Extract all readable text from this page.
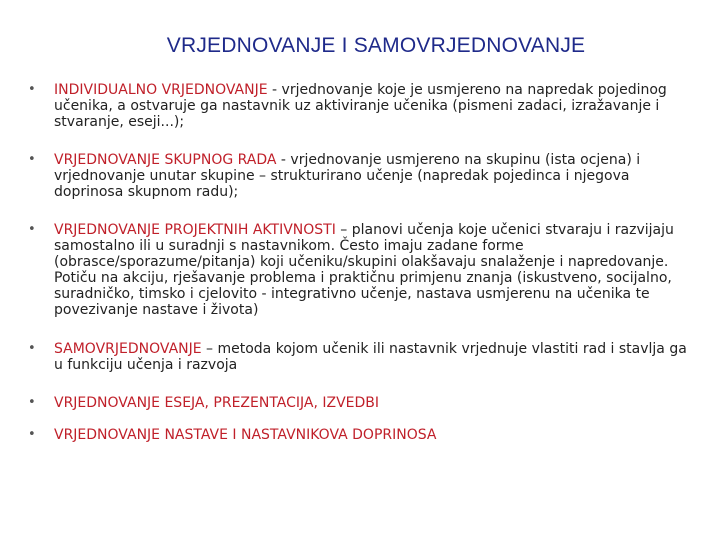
VRJEDNOVANJE I SAMOVRJEDNOVANJE
• INDIVIDUALNO VRJEDNOVANJE - vrjednovanje koje je usmjereno na napredak pojedinog učenika, a ostvaruje ga nastavnik uz aktiviranje učenika (pismeni zadaci, izražavanje i stvaranje, eseji...);
• VRJEDNOVANJE SKUPNOG RADA - vrjednovanje usmjereno na skupinu (ista ocjena) i vrjednovanje unutar skupine – strukturirano učenje (napredak pojedinca i njegova doprinosa skupnom radu);
• VRJEDNOVANJE PROJEKTNIH AKTIVNOSTI – planovi učenja koje učenici stvaraju i razvijaju samostalno ili u suradnji s nastavnikom. Često imaju zadane forme (obrasce/sporazume/pitanja) koji učeniku/skupini olakšavaju snalaženje i napredovanje. Potiču na akciju, rješavanje problema i praktičnu primjenu znanja (iskustveno, socijalno, suradničko, timsko i cjelovito - integrativno učenje, nastava usmjerenu na učenika te povezivanje nastave i života)
• SAMOVRJEDNOVANJE – metoda kojom učenik ili nastavnik vrjednuje vlastiti rad i stavlja ga u funkciju učenja i razvoja
• VRJEDNOVANJE ESEJA, PREZENTACIJA, IZVEDBI
• VRJEDNOVANJE NASTAVE I NASTAVNIKOVA DOPRINOSA
